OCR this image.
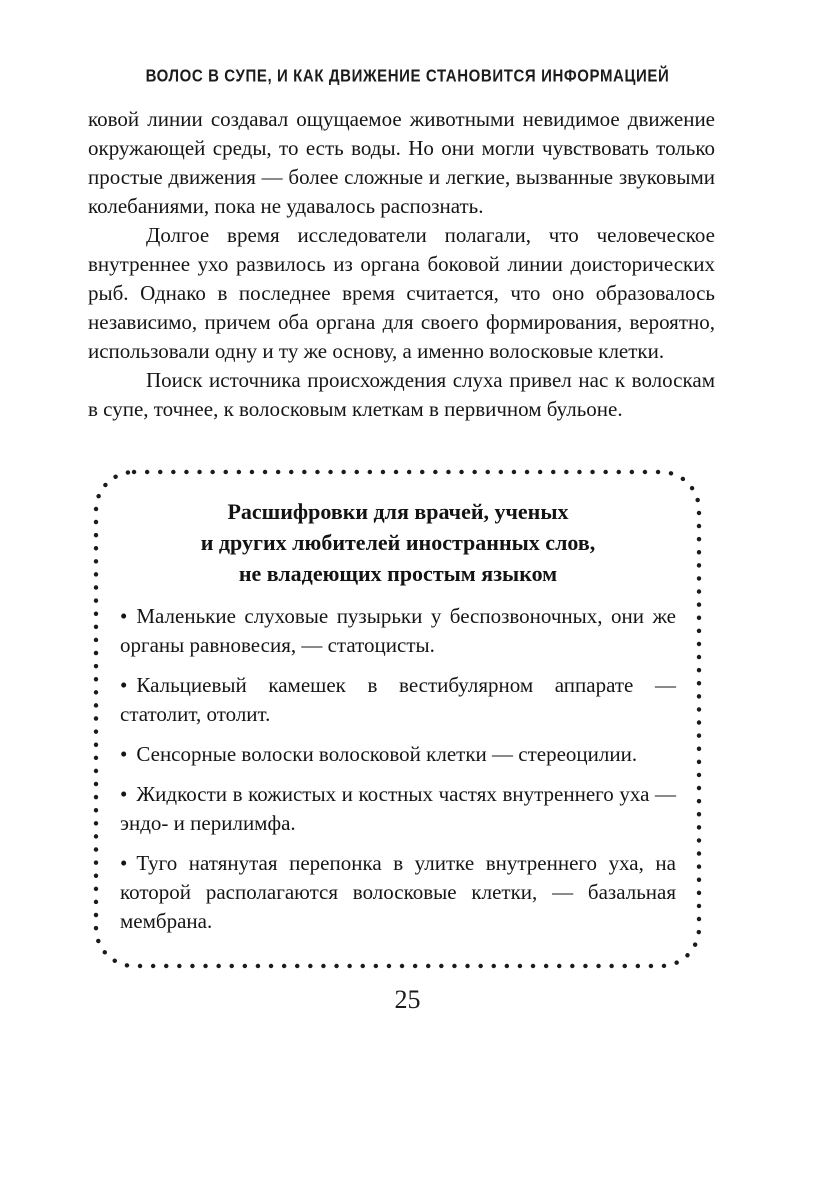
ВОЛОС В СУПЕ, И КАК ДВИЖЕНИЕ СТАНОВИТСЯ ИНФОРМАЦИЕЙ

ковой линии создавал ощущаемое животными невидимое движение окружающей среды, то есть воды. Но они могли чувствовать только простые движения — более сложные и легкие, вызванные звуковыми колебаниями, пока не удавалось распознать.

Долгое время исследователи полагали, что человеческое внутреннее ухо развилось из органа боковой линии доисторических рыб. Однако в последнее время считается, что оно образовалось независимо, причем оба органа для своего формирования, вероятно, использовали одну и ту же основу, а именно волосковые клетки.

Поиск источника происхождения слуха привел нас к волоскам в супе, точнее, к волосковым клеткам в первичном бульоне.

Расшифровки для врачей, ученых
и других любителей иностранных слов,
не владеющих простым языком

• Маленькие слуховые пузырьки у беспозвоночных, они же органы равновесия, — статоцисты.

• Кальциевый камешек в вестибулярном аппарате — статолит, отолит.

• Сенсорные волоски волосковой клетки — стереоцилии.

• Жидкости в кожистых и костных частях внутреннего уха — эндо- и перилимфа.

• Туго натянутая перепонка в улитке внутреннего уха, на которой располагаются волосковые клетки, — базальная мембрана.

25
